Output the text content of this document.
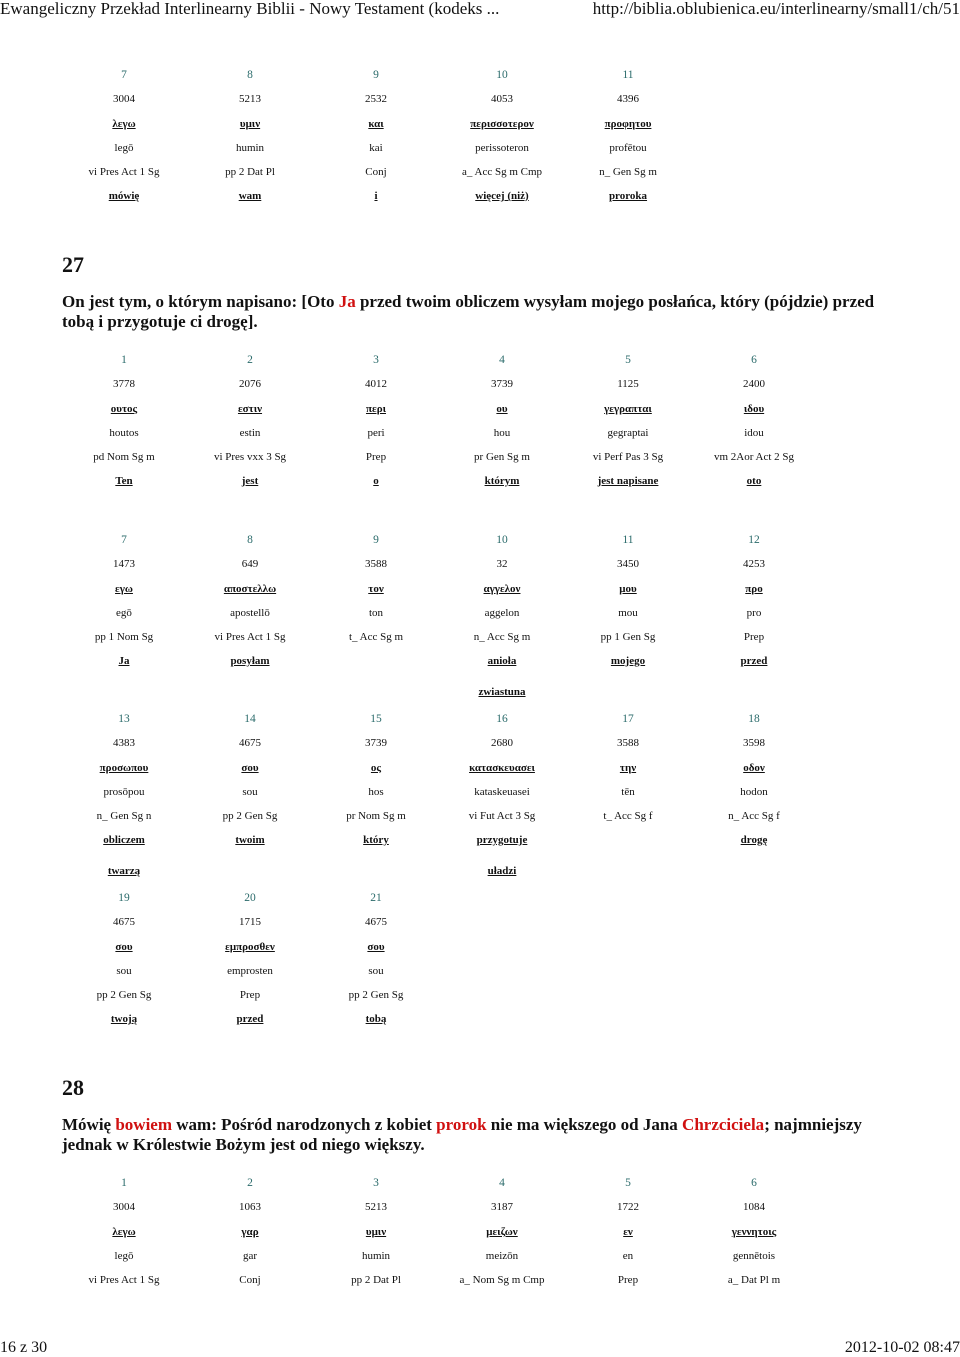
Ewangeliczny Przekład Interlinearny Biblii - Nowy Testament (kodeks ...	http://biblia.oblubienica.eu/interlinearny/small1/ch/51
7
3004
λεγω
legō
vi Pres Act 1 Sg
mówię
8
5213
υμιν
humin
pp 2 Dat Pl
wam
9
2532
και
kai
Conj
i
10
4053
περισσοτερον
perissoteron
a_ Acc Sg m Cmp
więcej (niż)
11
4396
προφητου
profētou
n_ Gen Sg m
proroka
27
On jest tym, o którym napisano: [Oto Ja przed twoim obliczem wysyłam mojego posłańca, który (pójdzie) przed tobą i przygotuje ci drogę].
1
3778
ουτος
houtos
pd Nom Sg m
Ten
2
2076
εστιν
estin
vi Pres vxx 3 Sg
jest
3
4012
περι
peri
Prep
o
4
3739
ου
hou
pr Gen Sg m
którym
5
1125
γεγραπται
gegraptai
vi Perf Pas 3 Sg
jest napisane
6
2400
ιδου
idou
vm 2Aor Act 2 Sg
oto
7
1473
εγω
egō
pp 1 Nom Sg
Ja
8
649
αποστελλω
apostellō
vi Pres Act 1 Sg
posyłam
9
3588
τον
ton
t_ Acc Sg m
10
32
αγγελον
aggelon
n_ Acc Sg m
anioła
zwiastuna
11
3450
μου
mou
pp 1 Gen Sg
mojego
12
4253
προ
pro
Prep
przed
13
4383
προσωπου
prosōpou
n_ Gen Sg n
obliczem
twarzą
14
4675
σου
sou
pp 2 Gen Sg
twoim
15
3739
ος
hos
pr Nom Sg m
który
16
2680
κατασκευασει
kataskeuasei
vi Fut Act 3 Sg
przygotuje
uładzi
17
3588
την
tēn
t_ Acc Sg f
18
3598
οδον
hodon
n_ Acc Sg f
drogę
19
4675
σου
sou
pp 2 Gen Sg
twoją
20
1715
εμπροσθεν
emprosten
Prep
przed
21
4675
σου
sou
pp 2 Gen Sg
tobą
28
Mówię bowiem wam: Pośród narodzonych z kobiet prorok nie ma większego od Jana Chrzciciela; najmniejszy jednak w Królestwie Bożym jest od niego większy.
1
3004
λεγω
legō
vi Pres Act 1 Sg
2
1063
γαρ
gar
Conj
3
5213
υμιν
humin
pp 2 Dat Pl
4
3187
μειζων
meizōn
a_ Nom Sg m Cmp
5
1722
εν
en
Prep
6
1084
γεννητοις
gennētois
a_ Dat Pl m
16 z 30	2012-10-02 08:47
